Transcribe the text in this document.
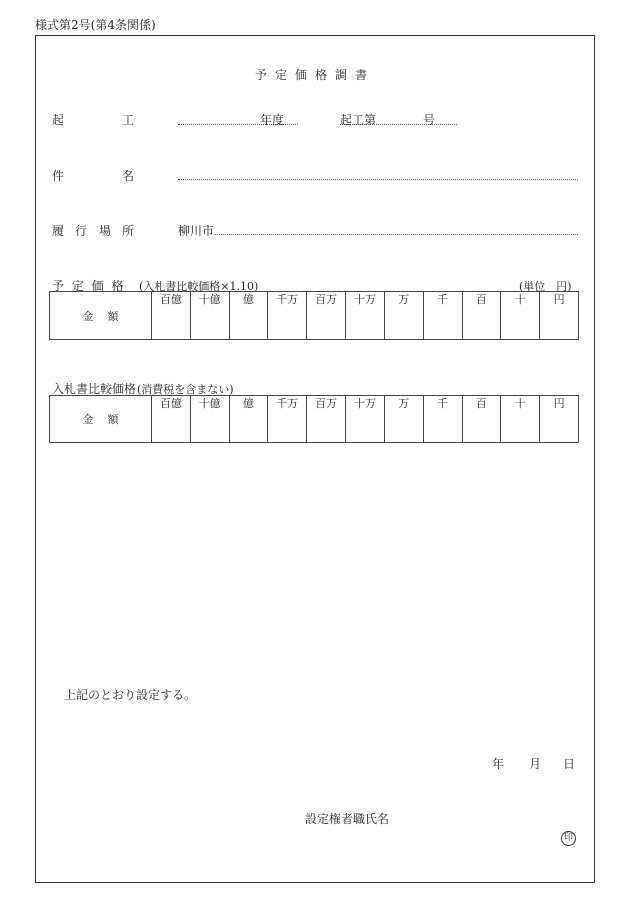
様式第2号(第4条関係)
予定価格調書
起	工	年度	起工第	号
件	名
履 行 場 所	柳川市
予 定 価 格 (入札書比較価格×1.10)	(単位　円)
金額	百億	十億	億	千万	百万	十万	万	千	百	十	円
入札書比較価格 (消費税を含まない)
金額	百億	十億	億	千万	百万	十万	万	千	百	十	円
上記のとおり設定する。
年 月 日
設定権者職氏名
印
